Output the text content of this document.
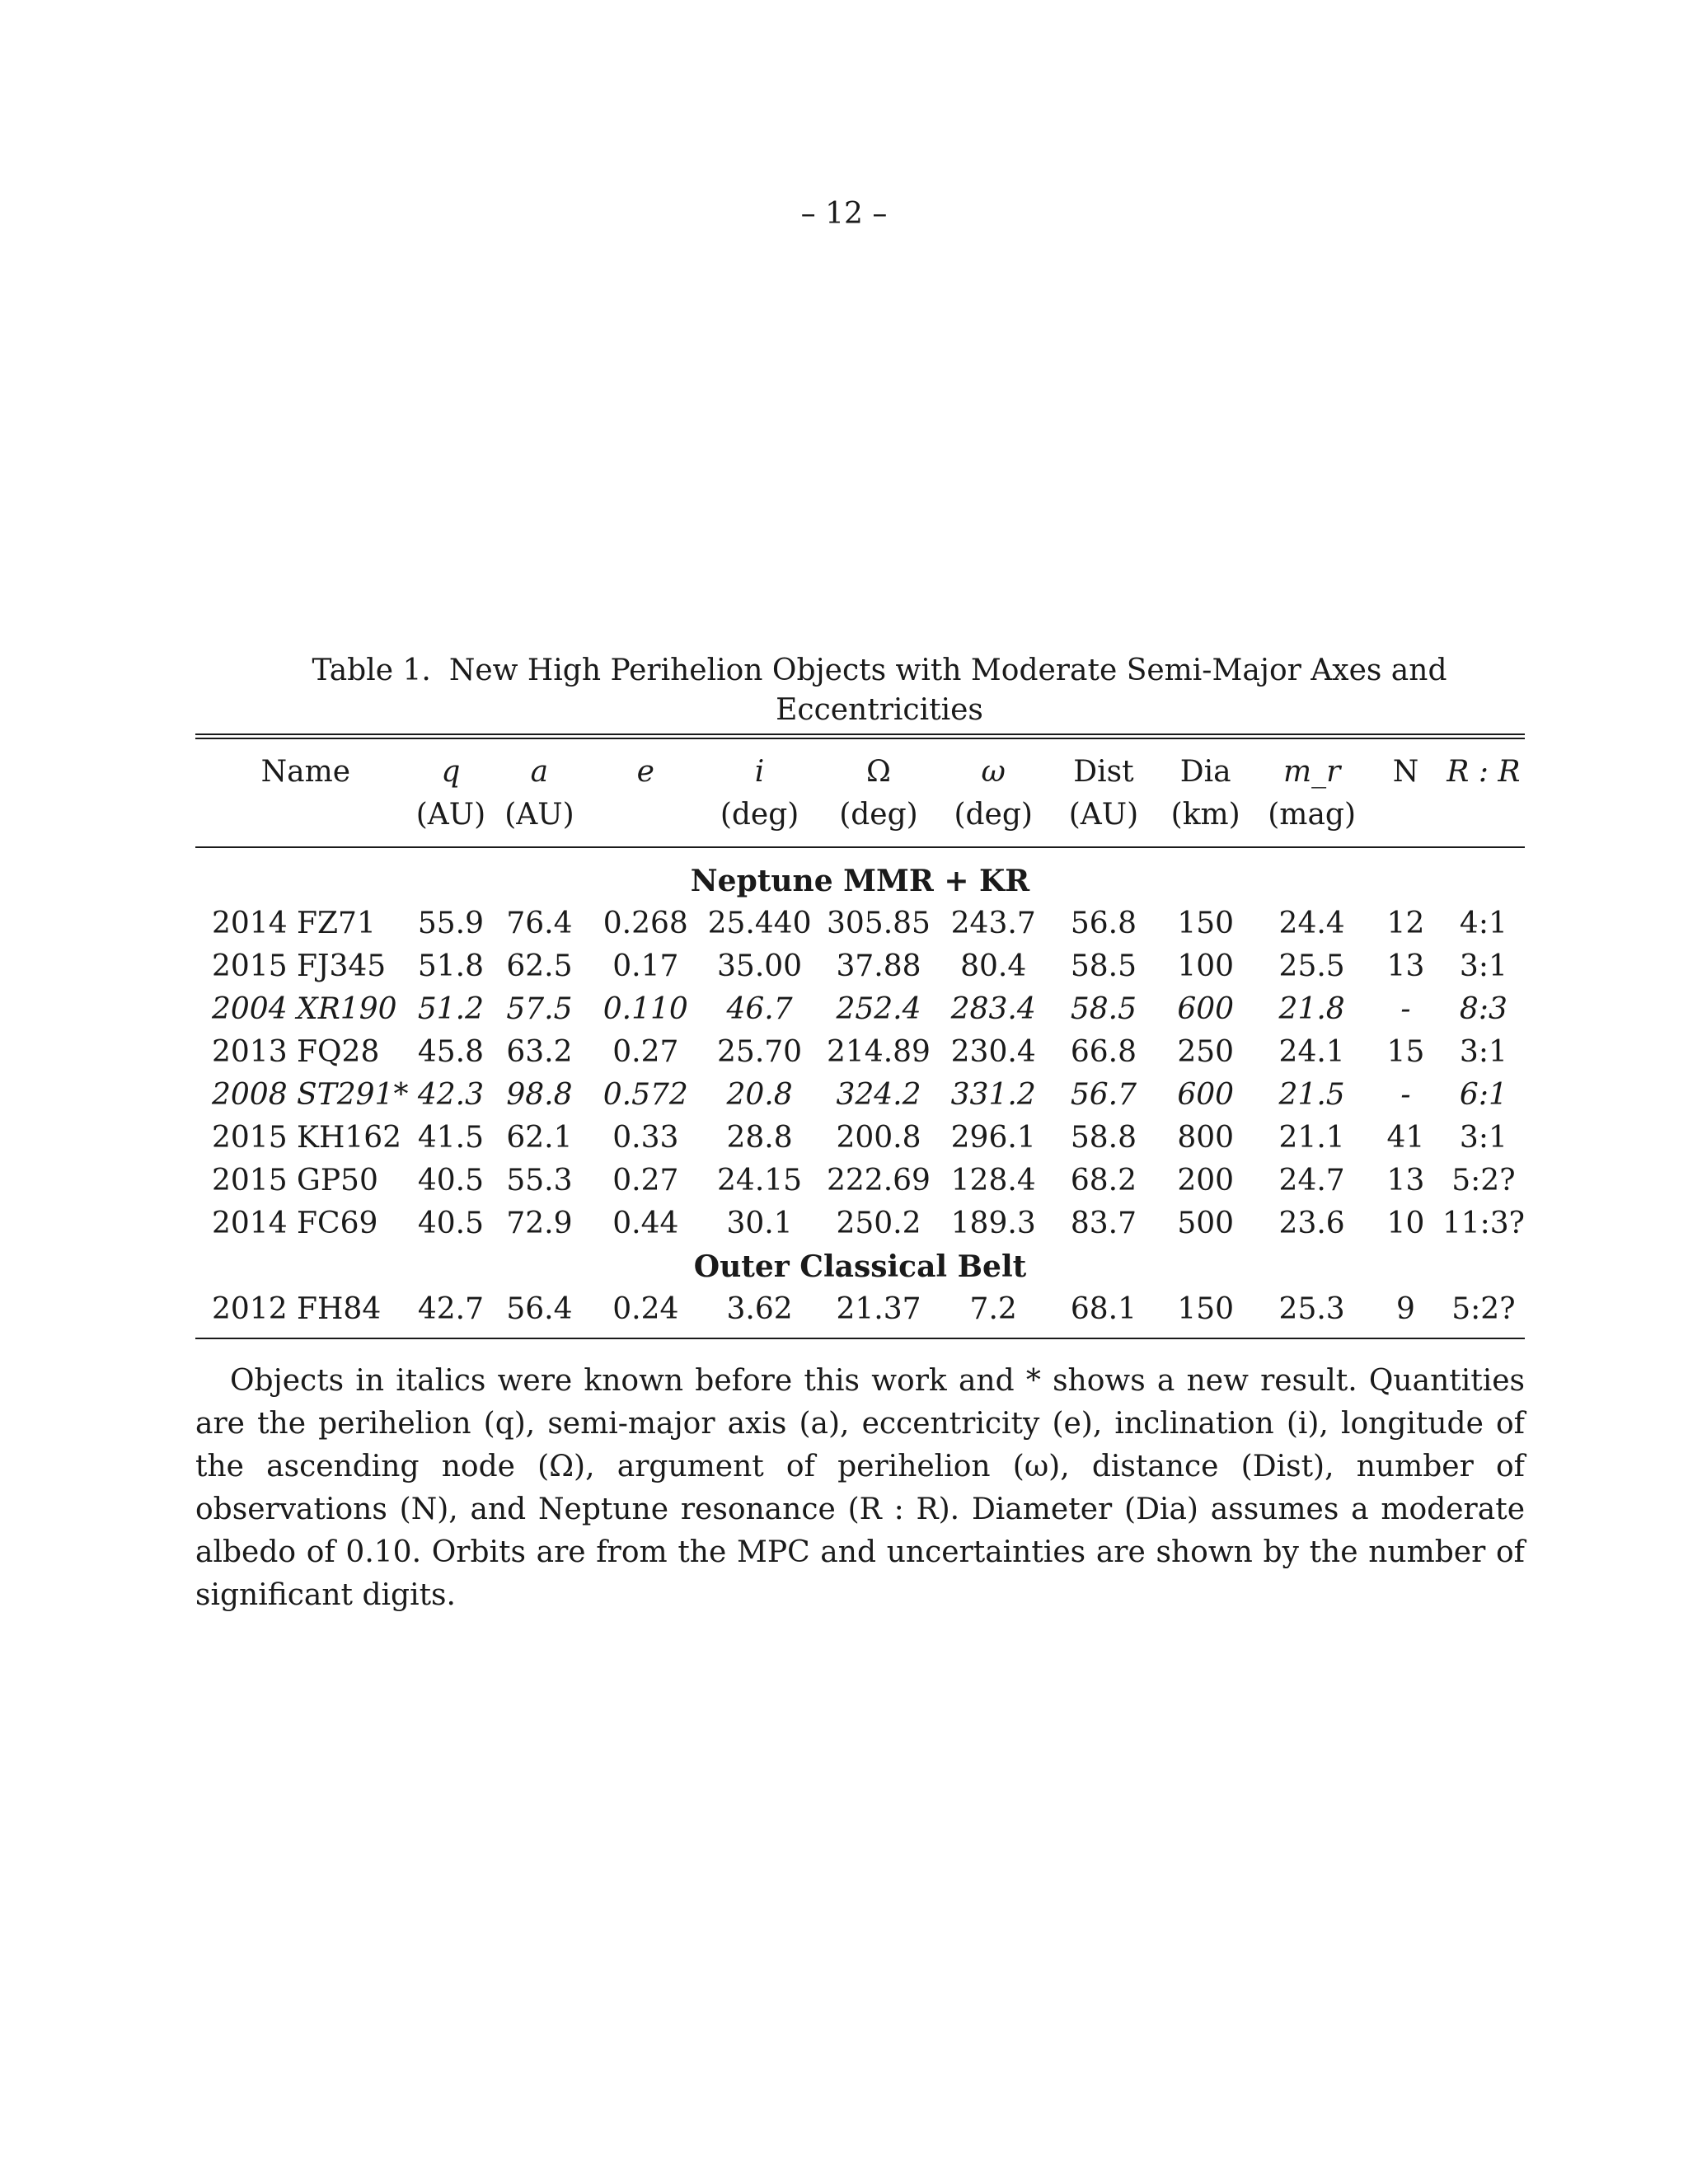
– 12 –
Table 1. New High Perihelion Objects with Moderate Semi-Major Axes and Eccentricities
Name	q	a	e	i	Ω	ω	Dist	Dia	m_r	N	R : R
	(AU)	(AU)		(deg)	(deg)	(deg)	(AU)	(km)	(mag)		

Neptune MMR + KR											
2014 FZ71	55.9	76.4	0.268	25.440	305.85	243.7	56.8	150	24.4	12	4:1
2015 FJ345	51.8	62.5	0.17	35.00	37.88	80.4	58.5	100	25.5	13	3:1
2004 XR190	51.2	57.5	0.110	46.7	252.4	283.4	58.5	600	21.8	-	8:3
2013 FQ28	45.8	63.2	0.27	25.70	214.89	230.4	66.8	250	24.1	15	3:1
2008 ST291*	42.3	98.8	0.572	20.8	324.2	331.2	56.7	600	21.5	-	6:1
2015 KH162	41.5	62.1	0.33	28.8	200.8	296.1	58.8	800	21.1	41	3:1
2015 GP50	40.5	55.3	0.27	24.15	222.69	128.4	68.2	200	24.7	13	5:2?
2014 FC69	40.5	72.9	0.44	30.1	250.2	189.3	83.7	500	23.6	10	11:3?
Outer Classical Belt											
2012 FH84	42.7	56.4	0.24	3.62	21.37	7.2	68.1	150	25.3	9	5:2?

Objects in italics were known before this work and * shows a new result. Quantities are the perihelion (q), semi-major axis (a), eccentricity (e), inclination (i), longitude of the ascending node (Ω), argument of perihelion (ω), distance (Dist), number of observations (N), and Neptune resonance (R : R). Diameter (Dia) assumes a moderate albedo of 0.10. Orbits are from the MPC and uncertainties are shown by the number of significant digits.
